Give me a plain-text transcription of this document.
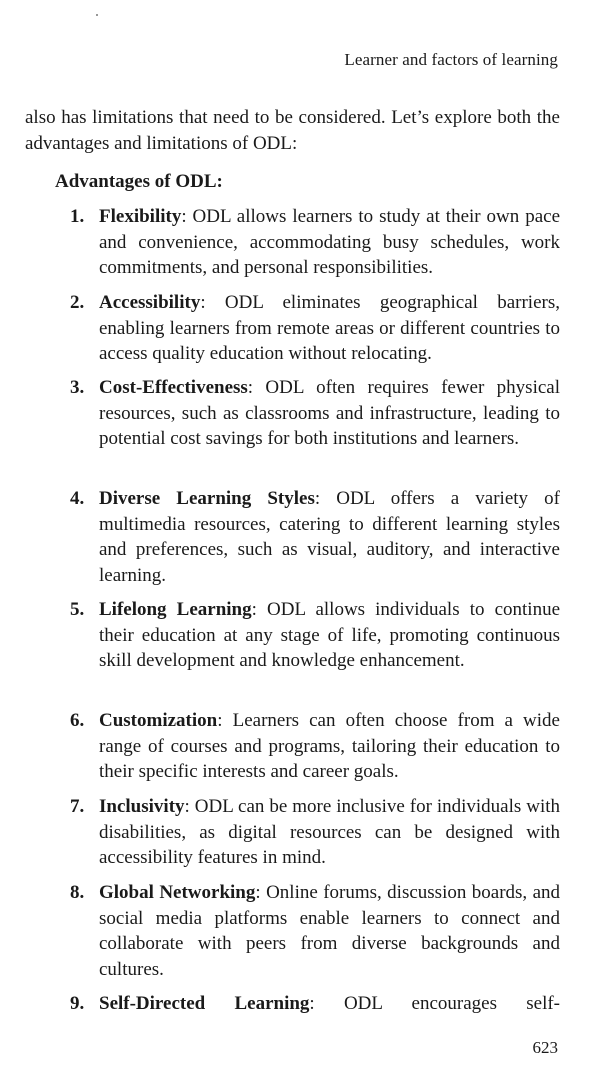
Learner and factors of learning

also has limitations that need to be considered. Let’s explore both the advantages and limitations of ODL:

Advantages of ODL:
1. Flexibility: ODL allows learners to study at their own pace and convenience, accommodating busy schedules, work commitments, and personal responsibilities.
2. Accessibility: ODL eliminates geographical barriers, enabling learners from remote areas or different countries to access quality education without relocating.
3. Cost-Effectiveness: ODL often requires fewer physical resources, such as classrooms and infrastructure, leading to potential cost savings for both institutions and learners.
4. Diverse Learning Styles: ODL offers a variety of multimedia resources, catering to different learning styles and preferences, such as visual, auditory, and interactive learning.
5. Lifelong Learning: ODL allows individuals to continue their education at any stage of life, promoting continuous skill development and knowledge enhancement.
6. Customization: Learners can often choose from a wide range of courses and programs, tailoring their education to their specific interests and career goals.
7. Inclusivity: ODL can be more inclusive for individuals with disabilities, as digital resources can be designed with accessibility features in mind.
8. Global Networking: Online forums, discussion boards, and social media platforms enable learners to connect and collaborate with peers from diverse backgrounds and cultures.
9. Self-Directed Learning: ODL encourages self-
623
